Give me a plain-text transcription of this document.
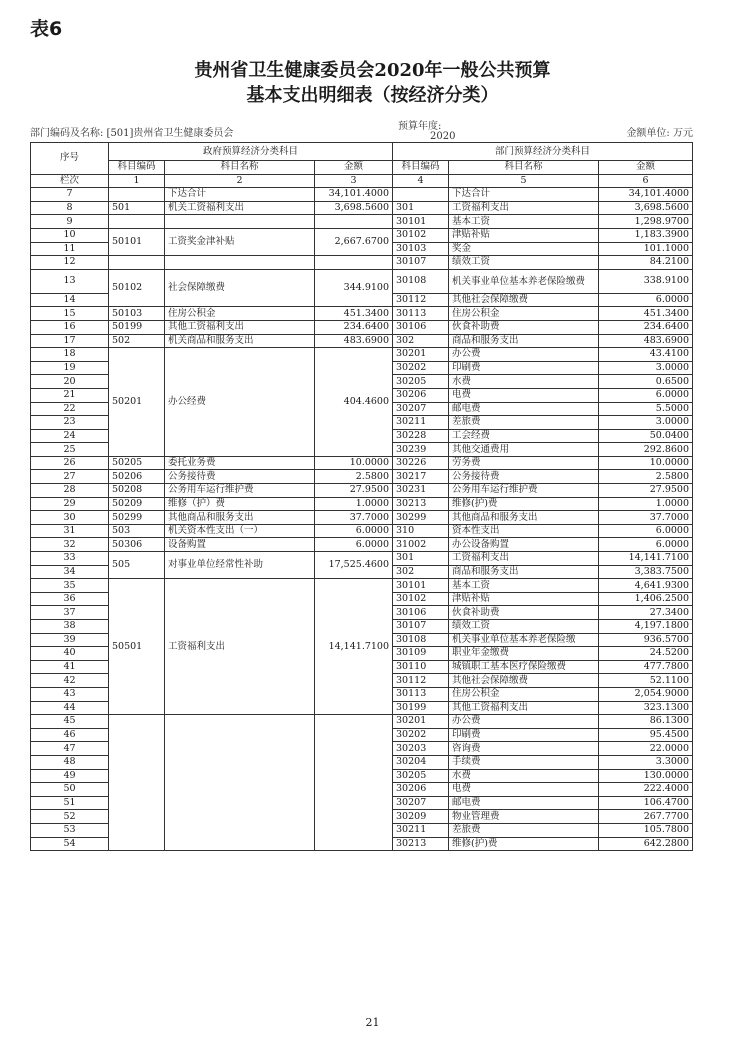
表6
贵州省卫生健康委员会2020年一般公共预算
基本支出明细表（按经济分类）
部门编码及名称: [501]贵州省卫生健康委员会
预算年度:
2020	金额单位: 万元
序号	政府预算经济分类科目			部门预算经济分类科目		
	科目编码	科目名称	金额	科目编码	科目名称	金额
栏次	1	2	3	4	5	6
7		下达合计	34,101.4000		下达合计	34,101.4000
8	501	机关工资福利支出	3,698.5600	301	工资福利支出	3,698.5600
9				30101	基本工资	1,298.9700
10	50101	工资奖金津补贴	2,667.6700	30102	津贴补贴	1,183.3900
11				30103	奖金	101.1000
12				30107	绩效工资	84.2100
13	50102	社会保障缴费	344.9100	30108	机关事业单位基本养老保险缴费	338.9100
14				30112	其他社会保障缴费	6.0000
15	50103	住房公积金	451.3400	30113	住房公积金	451.3400
16	50199	其他工资福利支出	234.6400	30106	伙食补助费	234.6400
17	502	机关商品和服务支出	483.6900	302	商品和服务支出	483.6900
18	50201	办公经费	404.4600	30201	办公费	43.4100
19				30202	印刷费	3.0000
20				30205	水费	0.6500
21				30206	电费	6.0000
22				30207	邮电费	5.5000
23				30211	差旅费	3.0000
24				30228	工会经费	50.0400
25				30239	其他交通费用	292.8600
26	50205	委托业务费	10.0000	30226	劳务费	10.0000
27	50206	公务接待费	2.5800	30217	公务接待费	2.5800
28	50208	公务用车运行维护费	27.9500	30231	公务用车运行维护费	27.9500
29	50209	维修（护）费	1.0000	30213	维修(护)费	1.0000
30	50299	其他商品和服务支出	37.7000	30299	其他商品和服务支出	37.7000
31	503	机关资本性支出（一）	6.0000	310	资本性支出	6.0000
32	50306	设备购置	6.0000	31002	办公设备购置	6.0000
33	505	对事业单位经常性补助	17,525.4600	301	工资福利支出	14,141.7100
34				302	商品和服务支出	3,383.7500
35	50501	工资福利支出	14,141.7100	30101	基本工资	4,641.9300
36				30102	津贴补贴	1,406.2500
37				30106	伙食补助费	27.3400
38				30107	绩效工资	4,197.1800
39				30108	机关事业单位基本养老保险缴	936.5700
40				30109	职业年金缴费	24.5200
41				30110	城镇职工基本医疗保险缴费	477.7800
42				30112	其他社会保障缴费	52.1100
43				30113	住房公积金	2,054.9000
44				30199	其他工资福利支出	323.1300
45				30201	办公费	86.1300
46				30202	印刷费	95.4500
47				30203	咨询费	22.0000
48				30204	手续费	3.3000
49				30205	水费	130.0000
50				30206	电费	222.4000
51				30207	邮电费	106.4700
52				30209	物业管理费	267.7700
53				30211	差旅费	105.7800
54				30213	维修(护)费	642.2800
21
